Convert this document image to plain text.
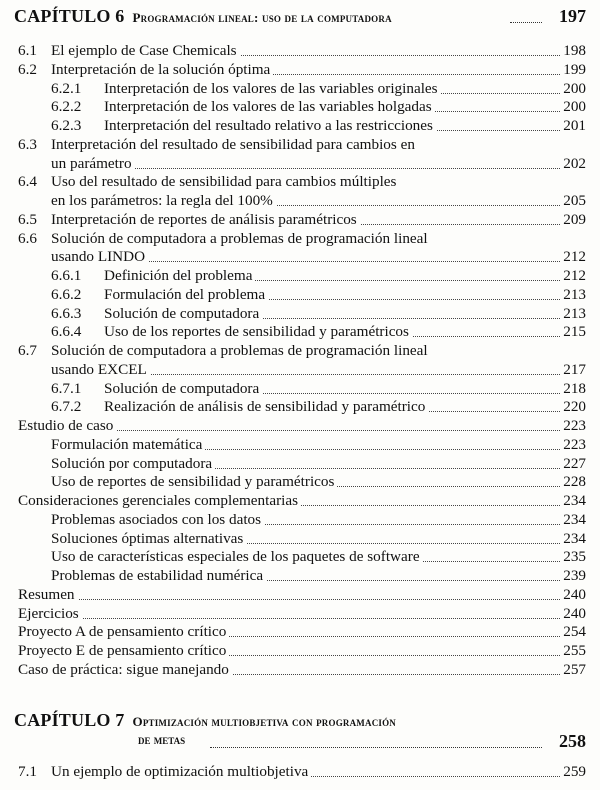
CAPÍTULO 6 Programación lineal: uso de la computadora	197
6.1 El ejemplo de Case Chemicals	198
6.2 Interpretación de la solución óptima	199
6.2.1 Interpretación de los valores de las variables originales	200
6.2.2 Interpretación de los valores de las variables holgadas	200
6.2.3 Interpretación del resultado relativo a las restricciones	201
6.3 Interpretación del resultado de sensibilidad para cambios en
un parámetro	202
6.4 Uso del resultado de sensibilidad para cambios múltiples
en los parámetros: la regla del 100%	205
6.5 Interpretación de reportes de análisis paramétricos	209
6.6 Solución de computadora a problemas de programación lineal
usando LINDO	212
6.6.1 Definición del problema	212
6.6.2 Formulación del problema	213
6.6.3 Solución de computadora	213
6.6.4 Uso de los reportes de sensibilidad y paramétricos	215
6.7 Solución de computadora a problemas de programación lineal
usando EXCEL	217
6.7.1 Solución de computadora	218
6.7.2 Realización de análisis de sensibilidad y paramétrico	220
Estudio de caso	223
Formulación matemática	223
Solución por computadora	227
Uso de reportes de sensibilidad y paramétricos	228
Consideraciones gerenciales complementarias	234
Problemas asociados con los datos	234
Soluciones óptimas alternativas	234
Uso de características especiales de los paquetes de software	235
Problemas de estabilidad numérica	239
Resumen	240
Ejercicios	240
Proyecto A de pensamiento crítico	254
Proyecto E de pensamiento crítico	255
Caso de práctica: sigue manejando	257
CAPÍTULO 7 Optimización multiobjetiva con programación
de metas	258
7.1 Un ejemplo de optimización multiobjetiva	259
